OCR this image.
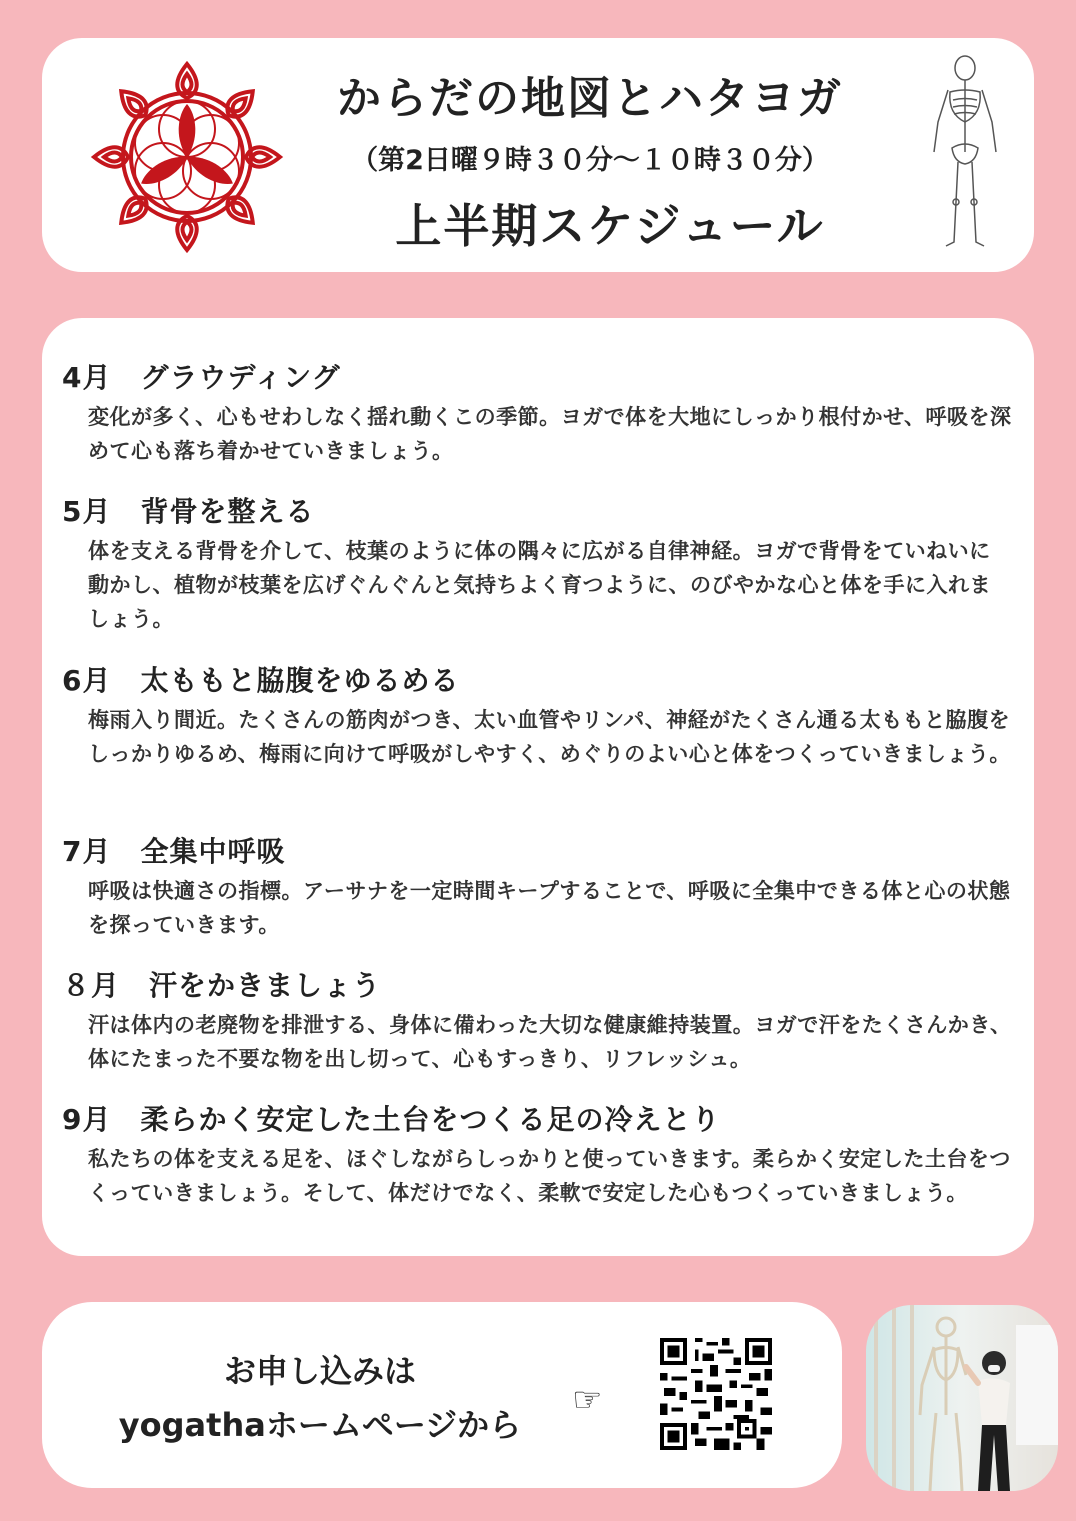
からだの地図とハタヨガ
（第2日曜９時３０分〜１０時３０分）
上半期スケジュール
4月　グラウディング

変化が多く、心もせわしなく揺れ動くこの季節。ヨガで体を大地にしっかり根付かせ、呼吸を深めて心も落ち着かせていきましょう。

5月　背骨を整える

体を支える背骨を介して、枝葉のように体の隅々に広がる自律神経。ヨガで背骨をていねいに動かし、植物が枝葉を広げぐんぐんと気持ちよく育つように、のびやかな心と体を手に入れましょう。

6月　太ももと脇腹をゆるめる

梅雨入り間近。たくさんの筋肉がつき、太い血管やリンパ、神経がたくさん通る太ももと脇腹をしっかりゆるめ、梅雨に向けて呼吸がしやすく、めぐりのよい心と体をつくっていきましょう。

7月　全集中呼吸

呼吸は快適さの指標。アーサナを一定時間キープすることで、呼吸に全集中できる体と心の状態を探っていきます。

８月　汗をかきましょう

汗は体内の老廃物を排泄する、身体に備わった大切な健康維持装置。ヨガで汗をたくさんかき、体にたまった不要な物を出し切って、心もすっきり、リフレッシュ。

9月　柔らかく安定した土台をつくる足の冷えとり

私たちの体を支える足を、ほぐしながらしっかりと使っていきます。柔らかく安定した土台をつくっていきましょう。そして、体だけでなく、柔軟で安定した心もつくっていきましょう。

お申し込みは
yogathaホームページから
☞
